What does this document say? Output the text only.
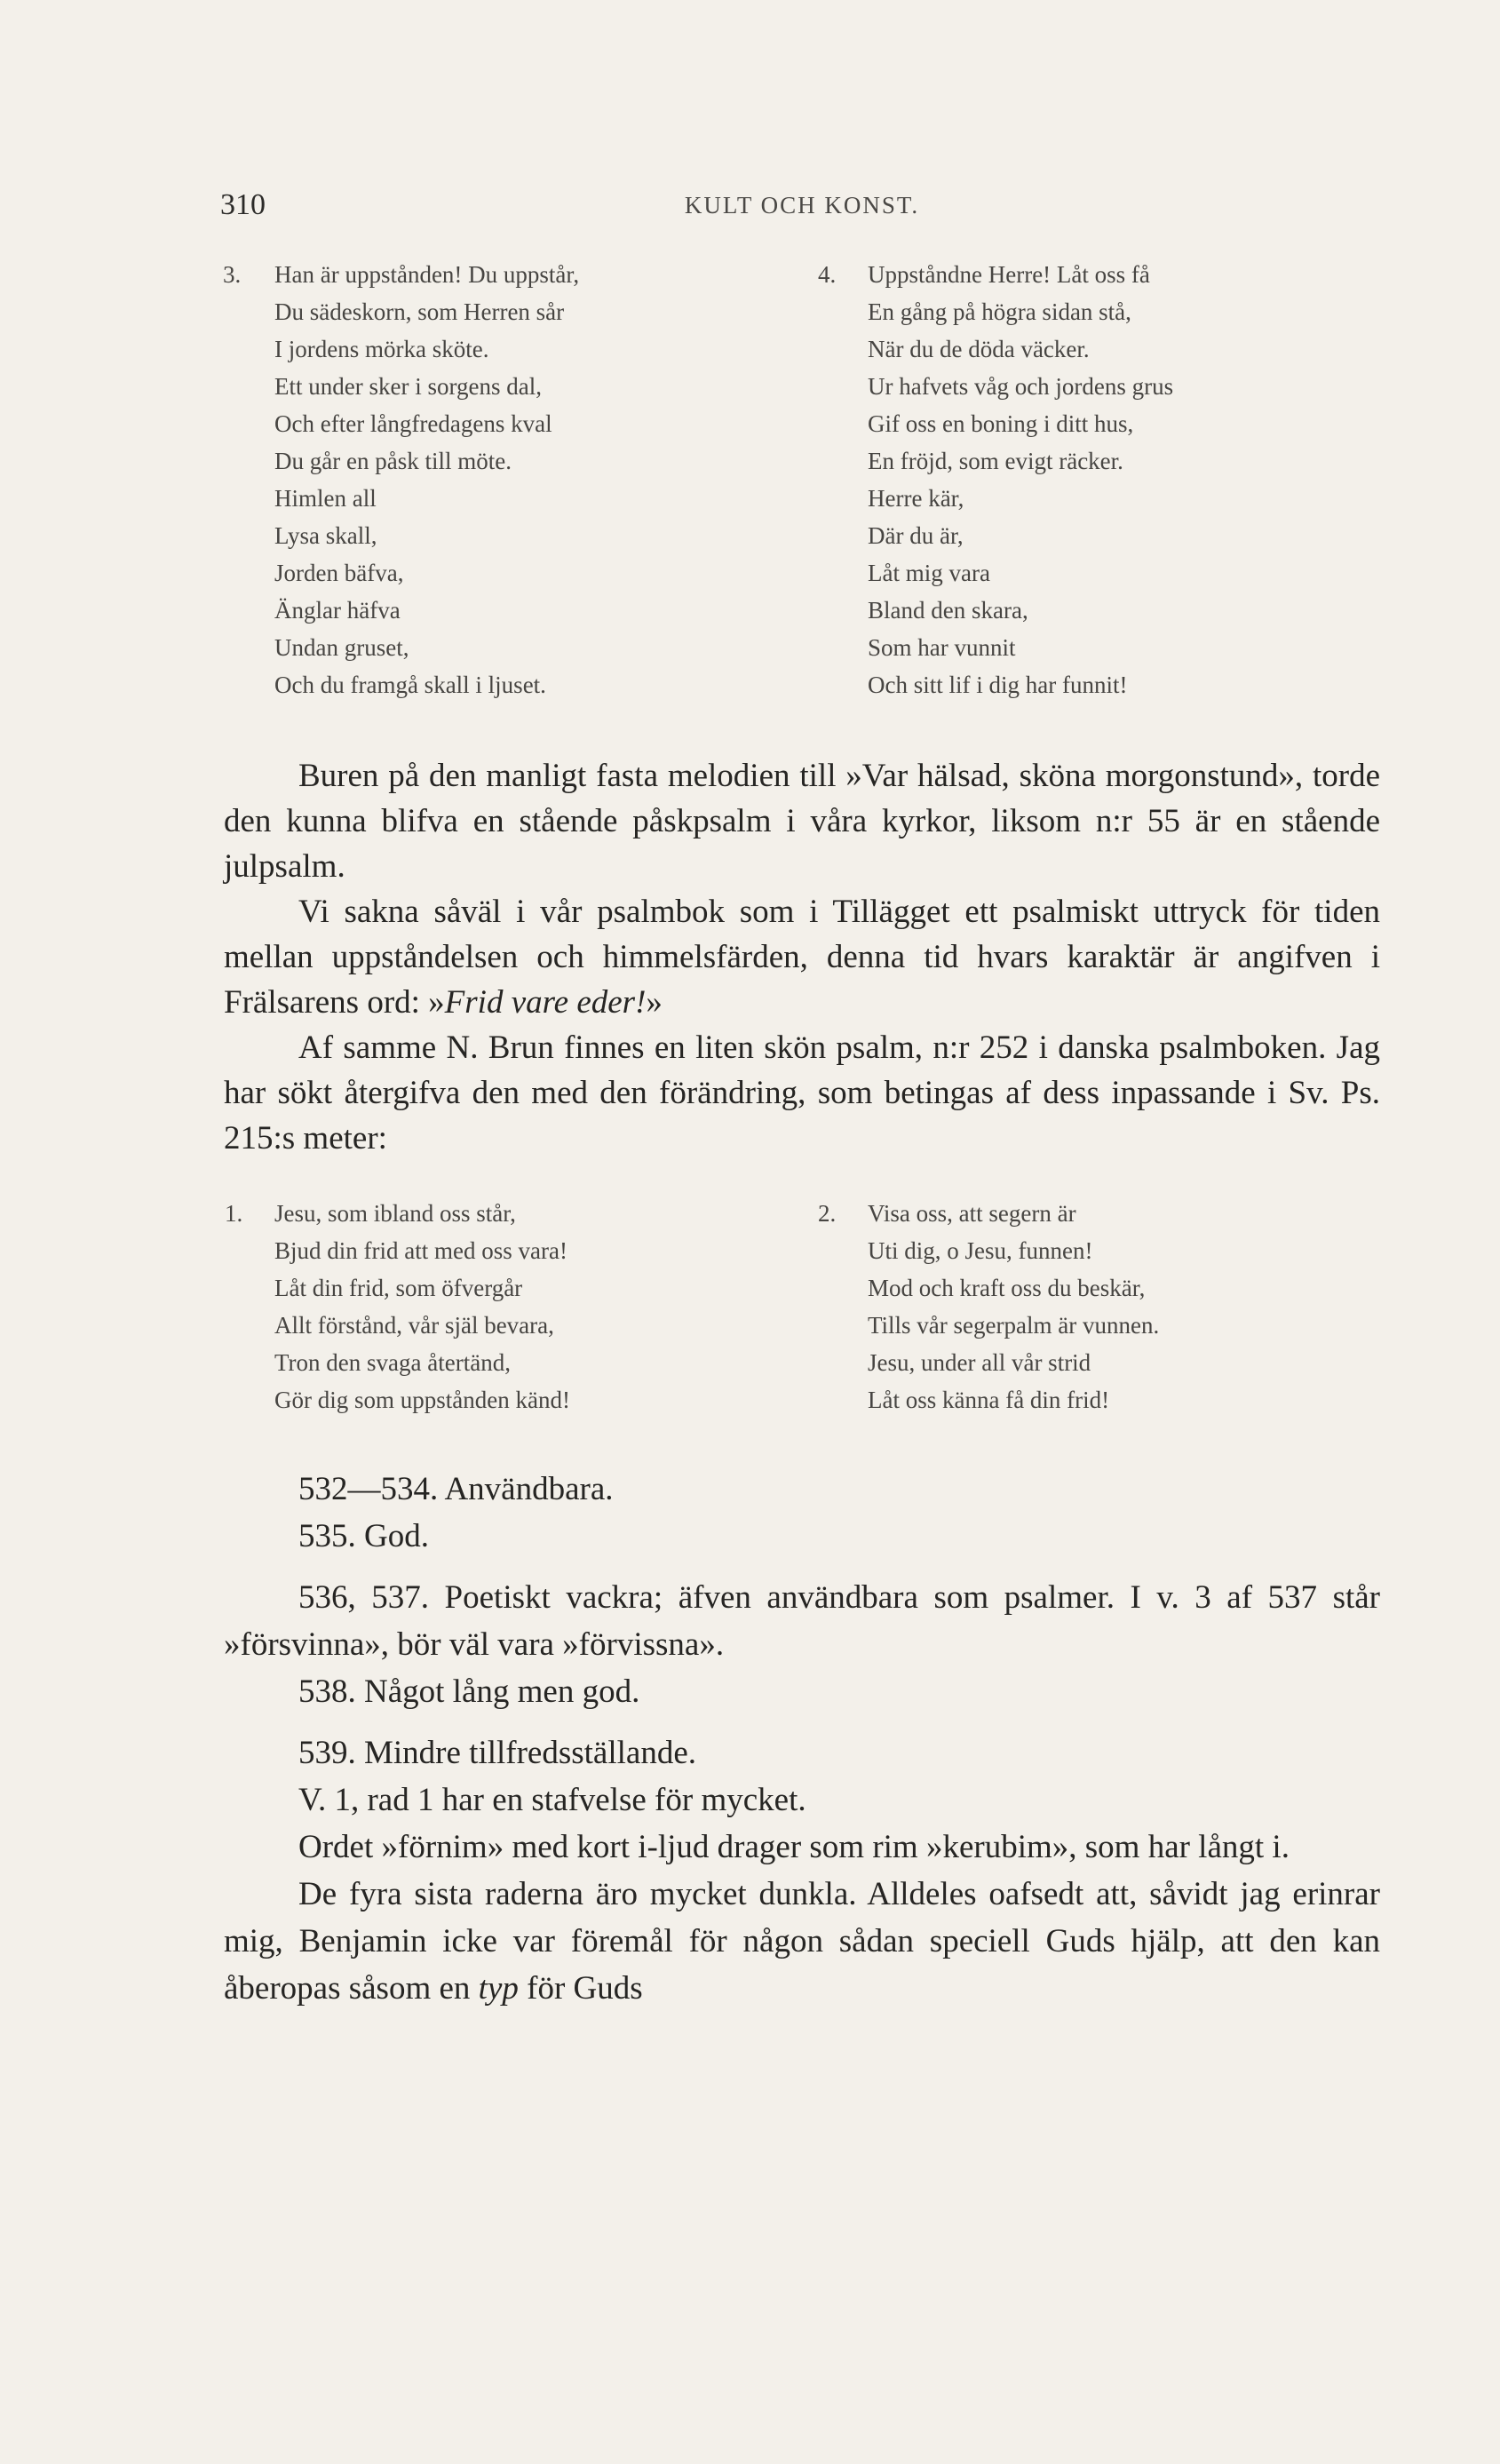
310	KULT OCH KONST.
3. Han är uppstånden! Du uppstår,
Du sädeskorn, som Herren sår
I jordens mörka sköte.
Ett under sker i sorgens dal,
Och efter långfredagens kval
Du går en påsk till möte.
Himlen all
Lysa skall,
Jorden bäfva,
Änglar häfva
Undan gruset,
Och du framgå skall i ljuset.
4. Uppståndne Herre! Låt oss få
En gång på högra sidan stå,
När du de döda väcker.
Ur hafvets våg och jordens grus
Gif oss en boning i ditt hus,
En fröjd, som evigt räcker.
Herre kär,
Där du är,
Låt mig vara
Bland den skara,
Som har vunnit
Och sitt lif i dig har funnit!

Buren på den manligt fasta melodien till »Var hälsad, sköna morgonstund», torde den kunna blifva en stående påskpsalm i våra kyrkor, liksom n:r 55 är en stående julpsalm.

Vi sakna såväl i vår psalmbok som i Tillägget ett psalmiskt uttryck för tiden mellan uppståndelsen och himmelsfärden, denna tid hvars karaktär är angifven i Frälsarens ord: »Frid vare eder!»

Af samme N. Brun finnes en liten skön psalm, n:r 252 i danska psalmboken. Jag har sökt återgifva den med den förändring, som betingas af dess inpassande i Sv. Ps. 215:s meter:

1. Jesu, som ibland oss står,
Bjud din frid att med oss vara!
Låt din frid, som öfvergår
Allt förstånd, vår själ bevara,
Tron den svaga återtänd,
Gör dig som uppstånden känd!
2. Visa oss, att segern är
Uti dig, o Jesu, funnen!
Mod och kraft oss du beskär,
Tills vår segerpalm är vunnen.
Jesu, under all vår strid
Låt oss känna få din frid!

532—534. Användbara.

535. God.

536, 537. Poetiskt vackra; äfven användbara som psalmer. I v. 3 af 537 står »försvinna», bör väl vara »förvissna».

538. Något lång men god.

539. Mindre tillfredsställande.

V. 1, rad 1 har en stafvelse för mycket.

Ordet »förnim» med kort i-ljud drager som rim »kerubim», som har långt i.

De fyra sista raderna äro mycket dunkla. Alldeles oafsedt att, såvidt jag erinrar mig, Benjamin icke var föremål för någon sådan speciell Guds hjälp, att den kan åberopas såsom en typ för Guds
